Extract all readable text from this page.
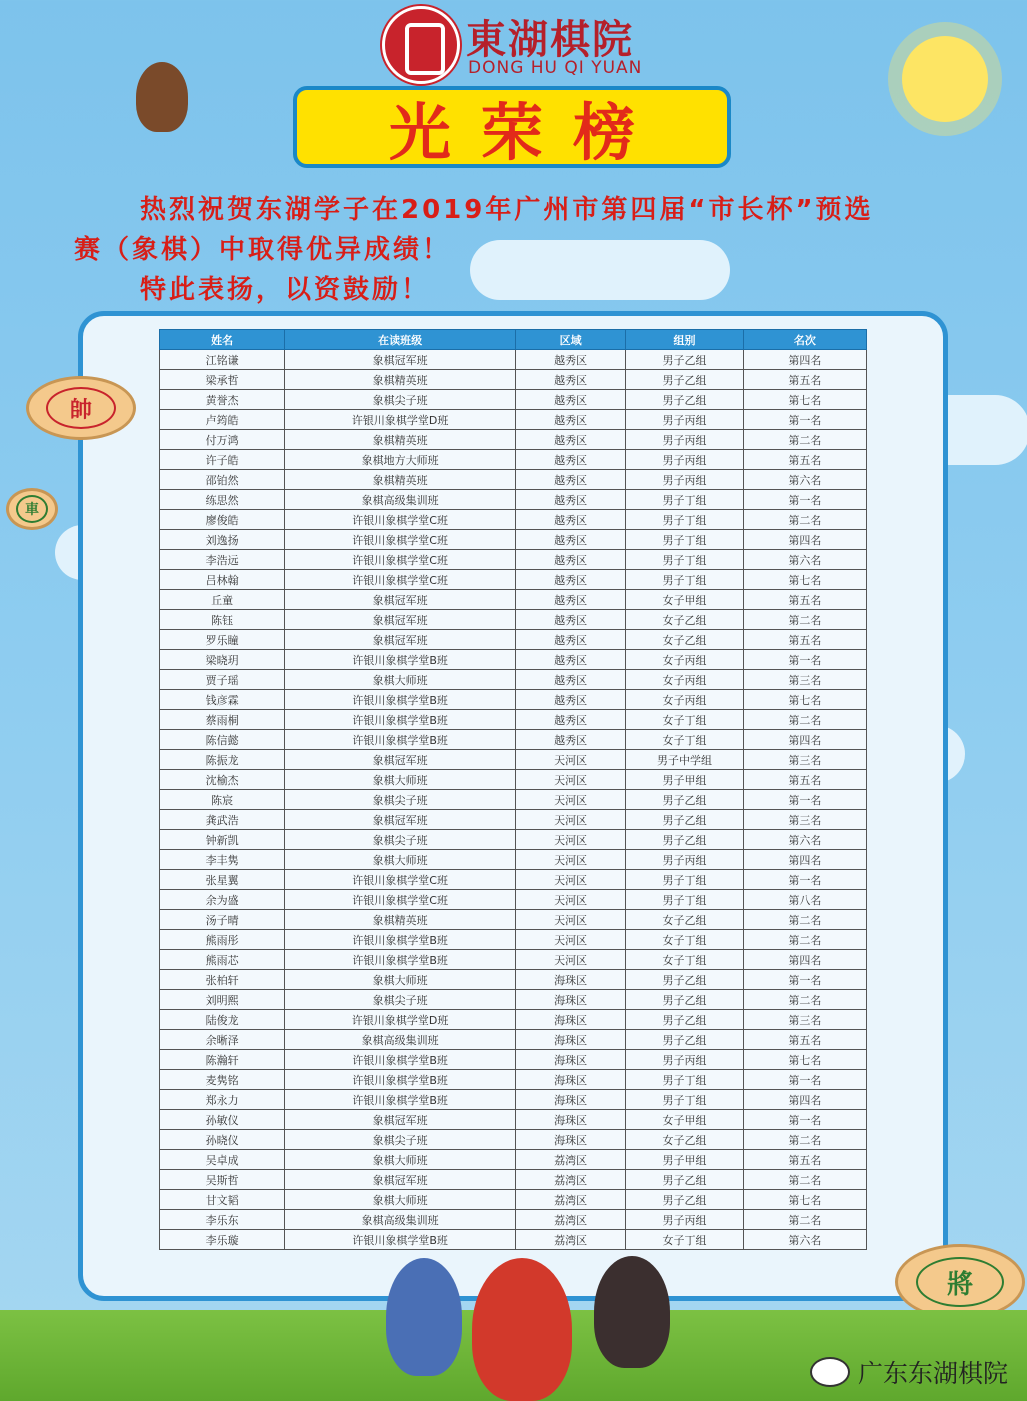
東湖棋院
DONG HU QI YUAN
光荣榜
热烈祝贺东湖学子在2019年广州市第四届“市长杯”预选
赛（象棋）中取得优异成绩！
特此表扬，以资鼓励！
姓名	在读班级	区域	组别	名次
江铭谦	象棋冠军班	越秀区	男子乙组	第四名
梁承哲	象棋精英班	越秀区	男子乙组	第五名
黄誉杰	象棋尖子班	越秀区	男子乙组	第七名
卢筠皓	许银川象棋学堂D班	越秀区	男子丙组	第一名
付万鸿	象棋精英班	越秀区	男子丙组	第二名
许子皓	象棋地方大师班	越秀区	男子丙组	第五名
邵铂然	象棋精英班	越秀区	男子丙组	第六名
练思然	象棋高级集训班	越秀区	男子丁组	第一名
廖俊皓	许银川象棋学堂C班	越秀区	男子丁组	第二名
刘逸扬	许银川象棋学堂C班	越秀区	男子丁组	第四名
李浩远	许银川象棋学堂C班	越秀区	男子丁组	第六名
吕林翰	许银川象棋学堂C班	越秀区	男子丁组	第七名
丘童	象棋冠军班	越秀区	女子甲组	第五名
陈钰	象棋冠军班	越秀区	女子乙组	第二名
罗乐瞳	象棋冠军班	越秀区	女子乙组	第五名
梁晓玥	许银川象棋学堂B班	越秀区	女子丙组	第一名
贾子瑶	象棋大师班	越秀区	女子丙组	第三名
钱彦霖	许银川象棋学堂B班	越秀区	女子丙组	第七名
蔡雨桐	许银川象棋学堂B班	越秀区	女子丁组	第二名
陈信懿	许银川象棋学堂B班	越秀区	女子丁组	第四名
陈振龙	象棋冠军班	天河区	男子中学组	第三名
沈榆杰	象棋大师班	天河区	男子甲组	第五名
陈宸	象棋尖子班	天河区	男子乙组	第一名
龚武浩	象棋冠军班	天河区	男子乙组	第三名
钟新凯	象棋尖子班	天河区	男子乙组	第六名
李丰隽	象棋大师班	天河区	男子丙组	第四名
张星翼	许银川象棋学堂C班	天河区	男子丁组	第一名
余为盛	许银川象棋学堂C班	天河区	男子丁组	第八名
汤子晴	象棋精英班	天河区	女子乙组	第二名
熊雨彤	许银川象棋学堂B班	天河区	女子丁组	第二名
熊雨芯	许银川象棋学堂B班	天河区	女子丁组	第四名
张柏轩	象棋大师班	海珠区	男子乙组	第一名
刘明熙	象棋尖子班	海珠区	男子乙组	第二名
陆俊龙	许银川象棋学堂D班	海珠区	男子乙组	第三名
余晰泽	象棋高级集训班	海珠区	男子乙组	第五名
陈瀚轩	许银川象棋学堂B班	海珠区	男子丙组	第七名
麦隽铭	许银川象棋学堂B班	海珠区	男子丁组	第一名
郑永力	许银川象棋学堂B班	海珠区	男子丁组	第四名
孙敏仪	象棋冠军班	海珠区	女子甲组	第一名
孙晓仪	象棋尖子班	海珠区	女子乙组	第二名
吴卓成	象棋大师班	荔湾区	男子甲组	第五名
吴斯哲	象棋冠军班	荔湾区	男子乙组	第二名
甘文韬	象棋大师班	荔湾区	男子乙组	第七名
李乐东	象棋高级集训班	荔湾区	男子丙组	第二名
李乐璇	许银川象棋学堂B班	荔湾区	女子丁组	第六名
帥
車
將
广东东湖棋院
